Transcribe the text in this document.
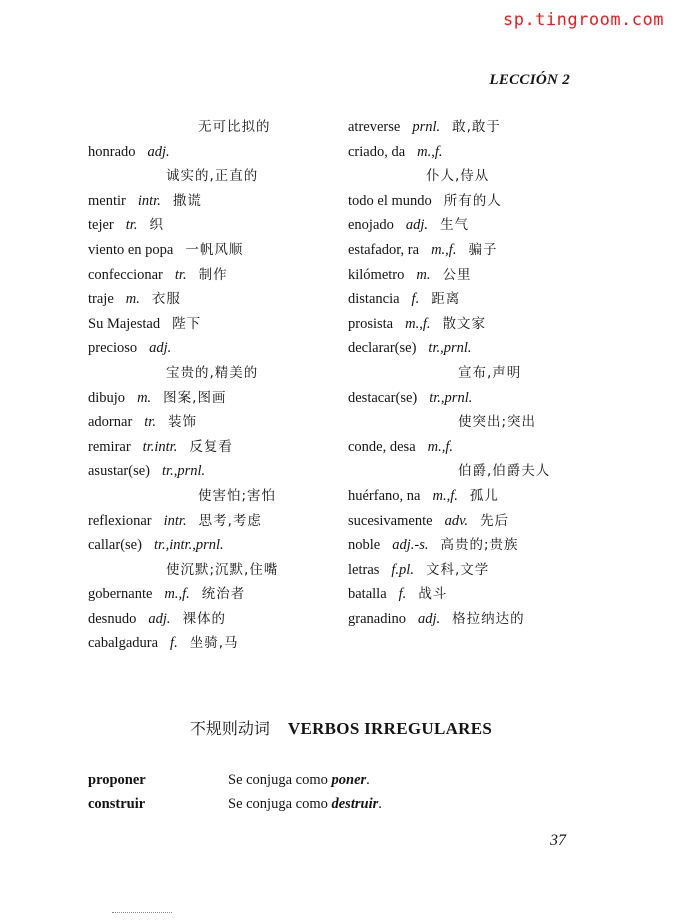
sp.tingroom.com
LECCIÓN 2
无可比拟的
honrado adj.
诚实的,正直的
mentir intr. 撒谎
tejer tr. 织
viento en popa 一帆风顺
confeccionar tr. 制作
traje m. 衣服
Su Majestad 陛下
precioso adj.
宝贵的,精美的
dibujo m. 图案,图画
adornar tr. 装饰
remirar tr.intr. 反复看
asustar(se) tr.,prnl.
使害怕;害怕
reflexionar intr. 思考,考虑
callar(se) tr.,intr.,prnl.
使沉默;沉默,住嘴
gobernante m.,f. 统治者
desnudo adj. 裸体的
cabalgadura f. 坐骑,马
atreverse prnl. 敢,敢于
criado, da m.,f.
仆人,侍从
todo el mundo 所有的人
enojado adj. 生气
estafador, ra m.,f. 骗子
kilómetro m. 公里
distancia f. 距离
prosista m.,f. 散文家
declarar(se) tr.,prnl.
宣布,声明
destacar(se) tr.,prnl.
使突出;突出
conde, desa m.,f.
伯爵,伯爵夫人
huérfano, na m.,f. 孤儿
sucesivamente adv. 先后
noble adj.-s. 高贵的;贵族
letras f.pl. 文科,文学
batalla f. 战斗
granadino adj. 格拉纳达的
不规则动词 VERBOS IRREGULARES
proponer	Se conjuga como poner.
construir	Se conjuga como destruir.
37
